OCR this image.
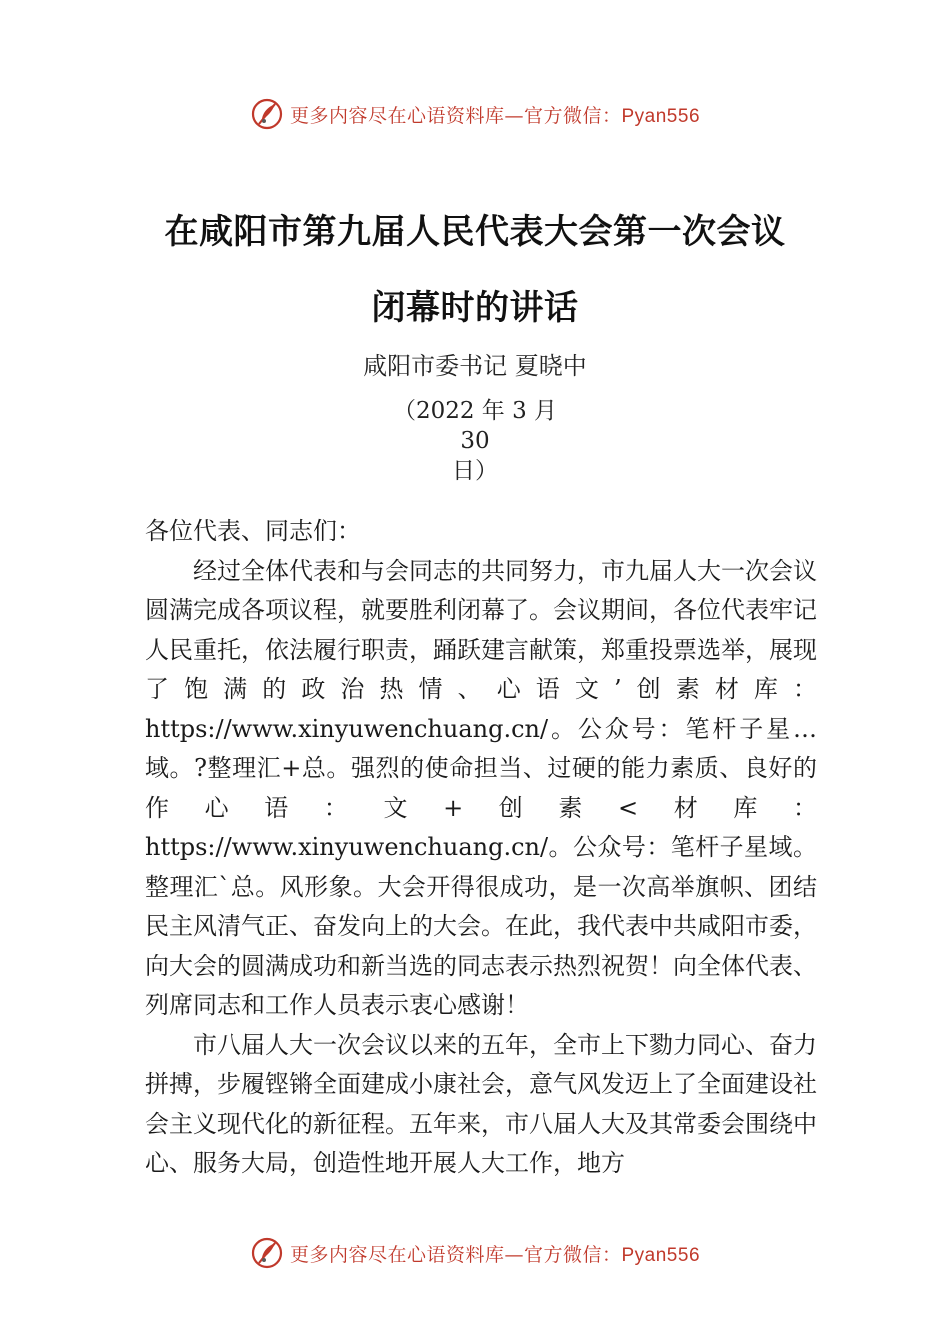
更多内容尽在心语资料库—官方微信：Pyan556
在咸阳市第九届人民代表大会第一次会议
闭幕时的讲话
咸阳市委书记 夏晓中
（2022 年 3 月 30
日）

各位代表、同志们：

经过全体代表和与会同志的共同努力，市九届人大一次会议圆满完成各项议程，就要胜利闭幕了。会议期间，各位代表牢记人民重托，依法履行职责，踊跃建言献策，郑重投票选举，展现了饱满的政治热情、心语文’创素材库：https://www.xinyuwenchuang.cn/。公众号：笔杆子星…域。?整理汇+总。强烈的使命担当、过硬的能力素质、良好的作心语：文+创素<材库：https://www.xinyuwenchuang.cn/。公众号：笔杆子星域。整理汇`总。风形象。大会开得很成功，是一次高举旗帜、团结民主风清气正、奋发向上的大会。在此，我代表中共咸阳市委，向大会的圆满成功和新当选的同志表示热烈祝贺！向全体代表、列席同志和工作人员表示衷心感谢！

市八届人大一次会议以来的五年，全市上下勠力同心、奋力拼搏，步履铿锵全面建成小康社会，意气风发迈上了全面建设社会主义现代化的新征程。五年来，市八届人大及其常委会围绕中心、服务大局，创造性地开展人大工作，地方

更多内容尽在心语资料库—官方微信：Pyan556
